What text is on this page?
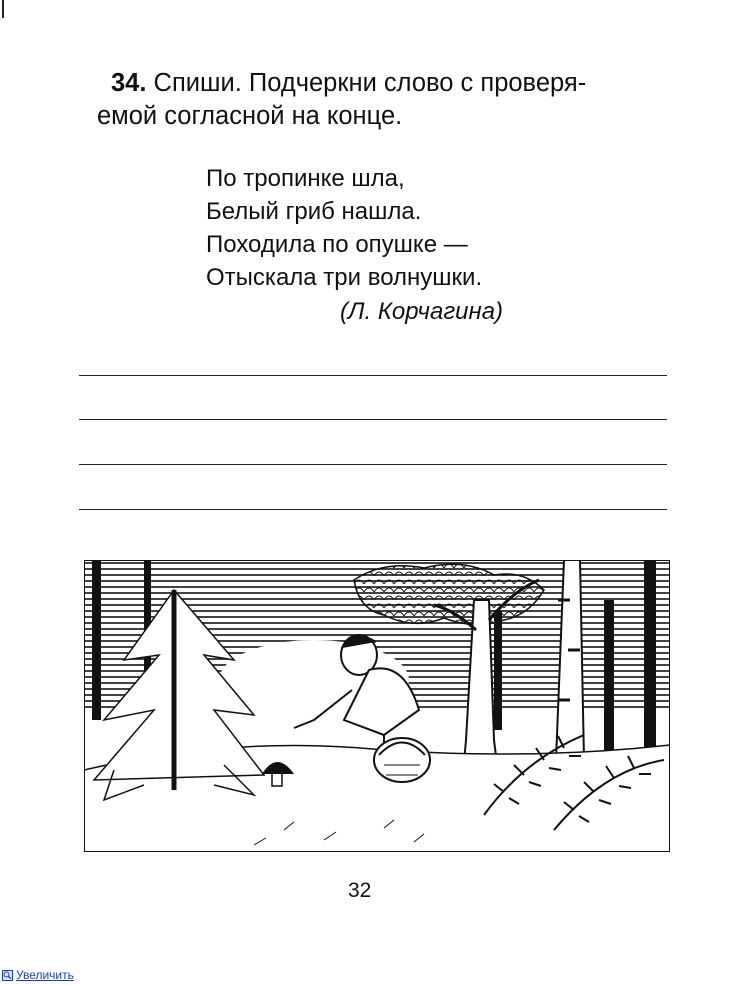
34. Спиши. Подчеркни слово с проверя-
емой согласной на конце.
По тропинке шла,
Белый гриб нашла.
Походила по опушке —
Отыскала три волнушки.
(Л. Корчагина)
32
Увеличить
